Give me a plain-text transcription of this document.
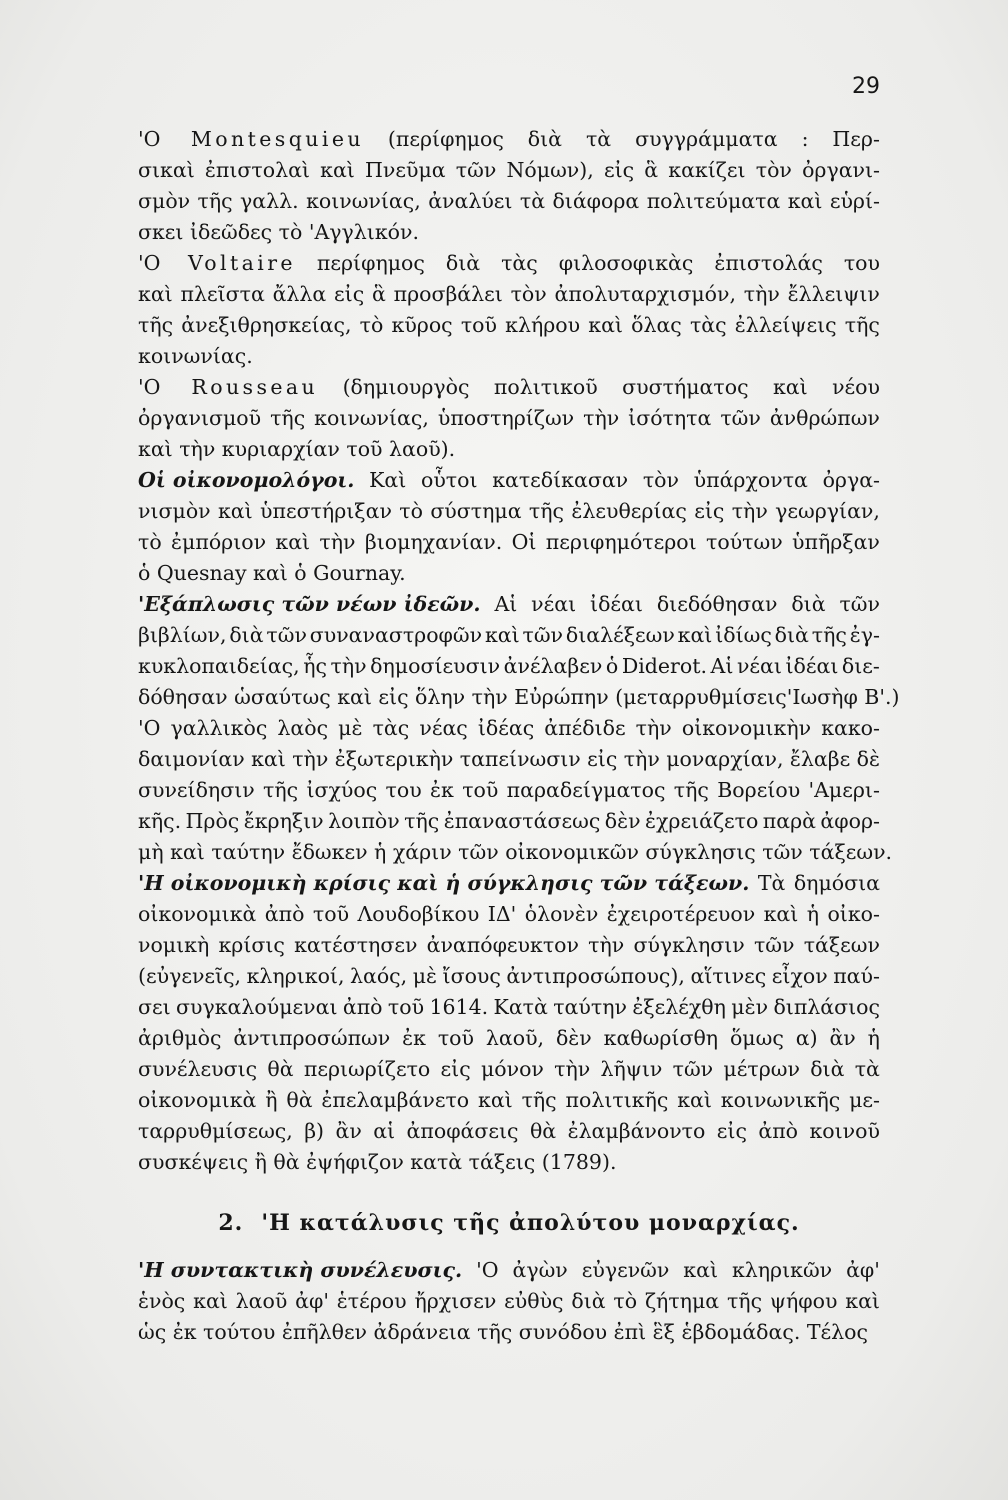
29
'Ο Montesquieu (περίφημος διὰ τὰ συγγράμματα : Περ-
σικαὶ ἐπιστολαὶ καὶ Πνεῦμα τῶν Νόμων), εἰς ἃ κακίζει τὸν ὀργανι-
σμὸν τῆς γαλλ. κοινωνίας, ἀναλύει τὰ διάφορα πολιτεύματα καὶ εὑρί-
σκει ἰδεῶδες τὸ 'Αγγλικόν.
'Ο Voltaire περίφημος διὰ τὰς φιλοσοφικὰς ἐπιστολάς του
καὶ πλεῖστα ἄλλα εἰς ἃ προσβάλει τὸν ἀπολυταρχισμόν, τὴν ἔλλειψιν
τῆς ἀνεξιθρησκείας, τὸ κῦρος τοῦ κλήρου καὶ ὅλας τὰς ἐλλείψεις τῆς
κοινωνίας.
'Ο Rousseau (δημιουργὸς πολιτικοῦ συστήματος καὶ νέου
ὀργανισμοῦ τῆς κοινωνίας, ὑποστηρίζων τὴν ἰσότητα τῶν ἀνθρώπων
καὶ τὴν κυριαρχίαν τοῦ λαοῦ).
Οἱ οἰκονομολόγοι. Καὶ οὗτοι κατεδίκασαν τὸν ὑπάρχοντα ὀργα-
νισμὸν καὶ ὑπεστήριξαν τὸ σύστημα τῆς ἐλευθερίας εἰς τὴν γεωργίαν,
τὸ ἐμπόριον καὶ τὴν βιομηχανίαν. Οἱ περιφημότεροι τούτων ὑπῆρξαν
ὁ Quesnay καὶ ὁ Gournay.
'Εξάπλωσις τῶν νέων ἰδεῶν. Αἱ νέαι ἰδέαι διεδόθησαν διὰ τῶν
βιβλίων, διὰ τῶν συναναστροφῶν καὶ τῶν διαλέξεων καὶ ἰδίως διὰ τῆς ἐγ-
κυκλοπαιδείας, ἧς τὴν δημοσίευσιν ἀνέλαβεν ὁ Diderot. Αἱ νέαι ἰδέαι διε-
δόθησαν ὡσαύτως καὶ εἰς ὅλην τὴν Εὐρώπην (μεταρρυθμίσεις'Ιωσὴφ Β'.)
'Ο γαλλικὸς λαὸς μὲ τὰς νέας ἰδέας ἀπέδιδε τὴν οἰκονομικὴν κακο-
δαιμονίαν καὶ τὴν ἐξωτερικὴν ταπείνωσιν εἰς τὴν μοναρχίαν, ἔλαβε δὲ
συνείδησιν τῆς ἰσχύος του ἐκ τοῦ παραδείγματος τῆς Βορείου 'Αμερι-
κῆς. Πρὸς ἔκρηξιν λοιπὸν τῆς ἐπαναστάσεως δὲν ἐχρειάζετο παρὰ ἀφορ-
μὴ καὶ ταύτην ἔδωκεν ἡ χάριν τῶν οἰκονομικῶν σύγκλησις τῶν τάξεων.
'Η οἰκονομικὴ κρίσις καὶ ἡ σύγκλησις τῶν τάξεων. Τὰ δημόσια
οἰκονομικὰ ἀπὸ τοῦ Λουδοβίκου ΙΔ' ὁλονὲν ἐχειροτέρευον καὶ ἡ οἰκο-
νομικὴ κρίσις κατέστησεν ἀναπόφευκτον τὴν σύγκλησιν τῶν τάξεων
(εὐγενεῖς, κληρικοί, λαός, μὲ ἴσους ἀντιπροσώπους), αἵτινες εἶχον παύ-
σει συγκαλούμεναι ἀπὸ τοῦ 1614. Κατὰ ταύτην ἐξελέχθη μὲν διπλάσιος
ἀριθμὸς ἀντιπροσώπων ἐκ τοῦ λαοῦ, δὲν καθωρίσθη ὅμως α) ἂν ἡ
συνέλευσις θὰ περιωρίζετο εἰς μόνον τὴν λῆψιν τῶν μέτρων διὰ τὰ
οἰκονομικὰ ἢ θὰ ἐπελαμβάνετο καὶ τῆς πολιτικῆς καὶ κοινωνικῆς με-
ταρρυθμίσεως, β) ἂν αἱ ἀποφάσεις θὰ ἐλαμβάνοντο εἰς ἀπὸ κοινοῦ
συσκέψεις ἢ θὰ ἐψήφιζον κατὰ τάξεις (1789).
2. 'Η κατάλυσις τῆς ἀπολύτου μοναρχίας.
'Η συντακτικὴ συνέλευσις. 'Ο ἀγὼν εὐγενῶν καὶ κληρικῶν ἀφ'
ἑνὸς καὶ λαοῦ ἀφ' ἑτέρου ἤρχισεν εὐθὺς διὰ τὸ ζήτημα τῆς ψήφου καὶ
ὡς ἐκ τούτου ἐπῆλθεν ἀδράνεια τῆς συνόδου ἐπὶ ἓξ ἑβδομάδας. Τέλος
